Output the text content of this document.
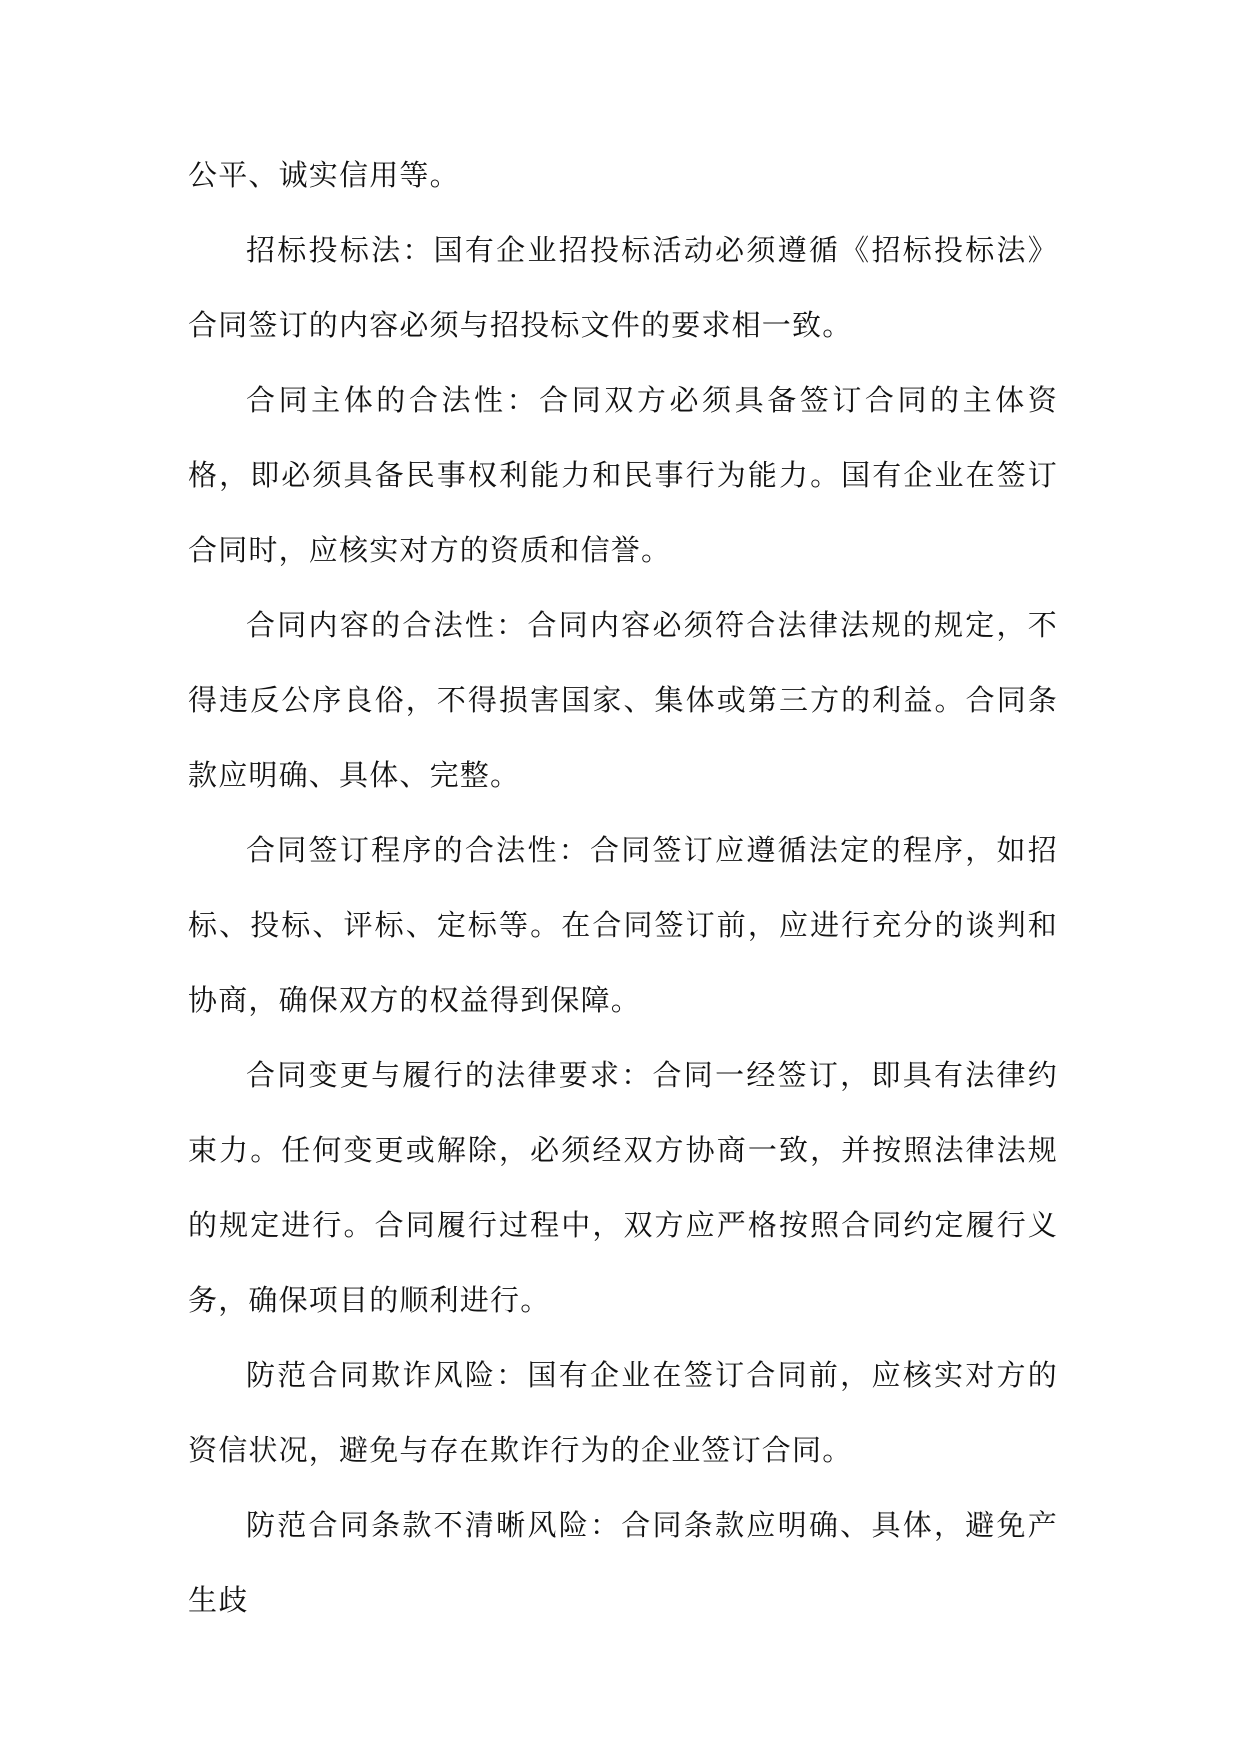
公平、诚实信用等。

招标投标法：国有企业招投标活动必须遵循《招标投标法》合同签订的内容必须与招投标文件的要求相一致。

合同主体的合法性：合同双方必须具备签订合同的主体资格，即必须具备民事权利能力和民事行为能力。国有企业在签订合同时，应核实对方的资质和信誉。

合同内容的合法性：合同内容必须符合法律法规的规定，不得违反公序良俗，不得损害国家、集体或第三方的利益。合同条款应明确、具体、完整。

合同签订程序的合法性：合同签订应遵循法定的程序，如招标、投标、评标、定标等。在合同签订前，应进行充分的谈判和协商，确保双方的权益得到保障。

合同变更与履行的法律要求：合同一经签订，即具有法律约束力。任何变更或解除，必须经双方协商一致，并按照法律法规的规定进行。合同履行过程中，双方应严格按照合同约定履行义务，确保项目的顺利进行。

防范合同欺诈风险：国有企业在签订合同前，应核实对方的资信状况，避免与存在欺诈行为的企业签订合同。

防范合同条款不清晰风险：合同条款应明确、具体，避免产生歧
